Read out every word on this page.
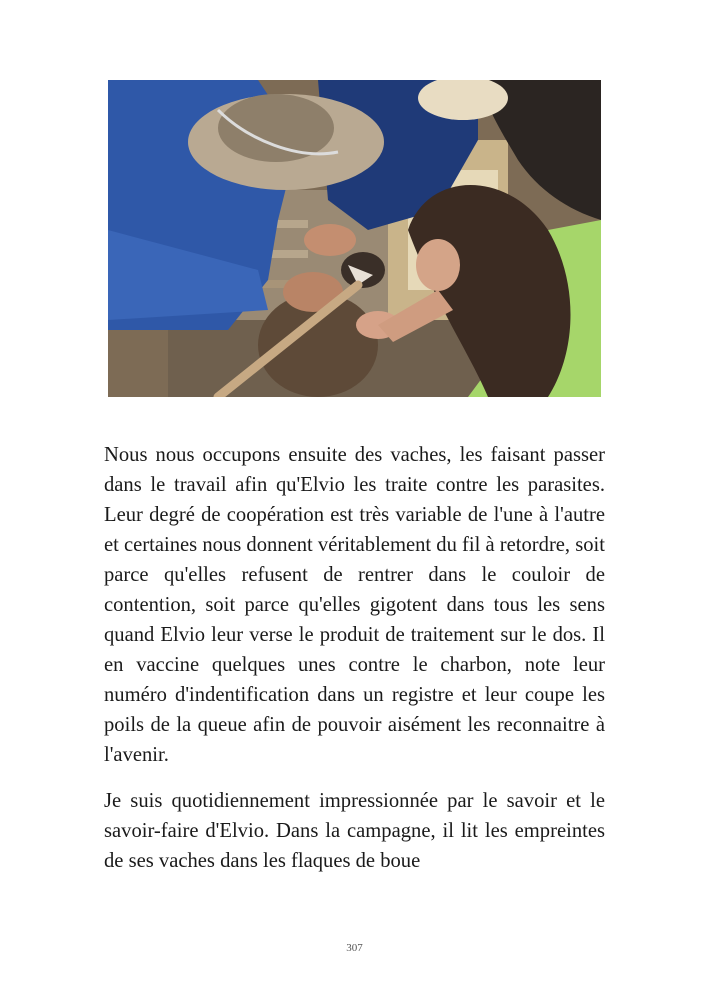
Nous nous occupons ensuite des vaches, les faisant passer dans le travail afin qu'Elvio les traite contre les parasites. Leur degré de coopération est très variable de l'une à l'autre et certaines nous donnent véritablement du fil à retordre, soit parce qu'elles refusent de rentrer dans le couloir de contention, soit parce qu'elles gigotent dans tous les sens quand Elvio leur verse le produit de traitement sur le dos. Il en vaccine quelques unes contre le charbon, note leur numéro d'indentification dans un registre et leur coupe les poils de la queue afin de pouvoir aisément les reconnaitre à l'avenir.

Je suis quotidiennement impressionnée par le savoir et le savoir-faire d'Elvio. Dans la campagne, il lit les empreintes de ses vaches dans les flaques de boue

307
